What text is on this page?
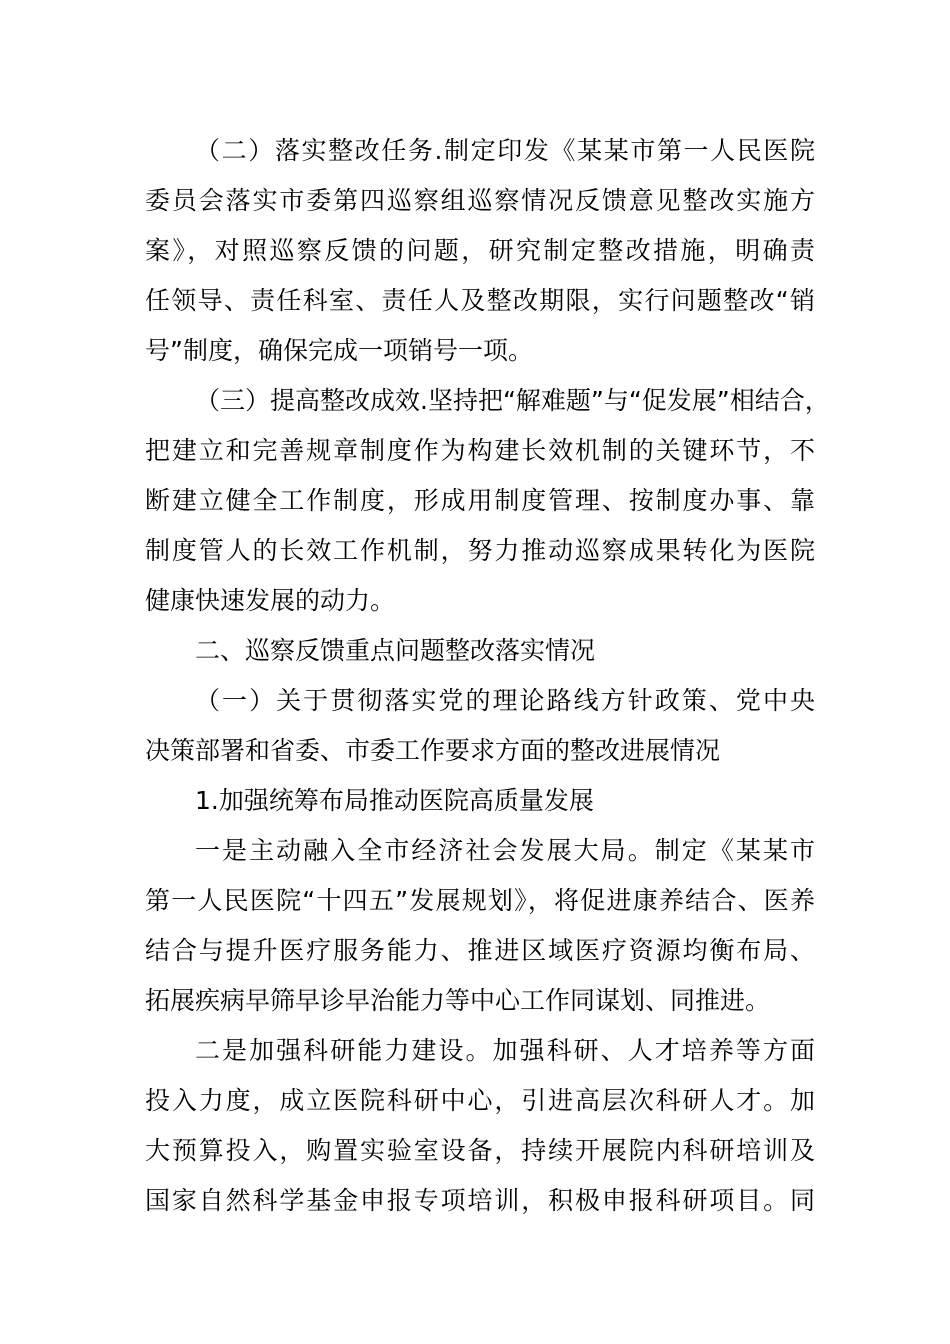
（二）落实整改任务.制定印发《某某市第一人民医院
委员会落实市委第四巡察组巡察情况反馈意见整改实施方
案》，对照巡察反馈的问题，研究制定整改措施，明确责
任领导、责任科室、责任人及整改期限，实行问题整改“销
号”制度，确保完成一项销号一项。
（三）提高整改成效.坚持把“解难题”与“促发展”相结合，
把建立和完善规章制度作为构建长效机制的关键环节，不
断建立健全工作制度，形成用制度管理、按制度办事、靠
制度管人的长效工作机制，努力推动巡察成果转化为医院
健康快速发展的动力。
二、巡察反馈重点问题整改落实情况
（一）关于贯彻落实党的理论路线方针政策、党中央
决策部署和省委、市委工作要求方面的整改进展情况
1.加强统筹布局推动医院高质量发展
一是主动融入全市经济社会发展大局。制定《某某市
第一人民医院“十四五”发展规划》，将促进康养结合、医养
结合与提升医疗服务能力、推进区域医疗资源均衡布局、
拓展疾病早筛早诊早治能力等中心工作同谋划、同推进。
二是加强科研能力建设。加强科研、人才培养等方面
投入力度，成立医院科研中心，引进高层次科研人才。加
大预算投入，购置实验室设备，持续开展院内科研培训及
国家自然科学基金申报专项培训，积极申报科研项目。同
